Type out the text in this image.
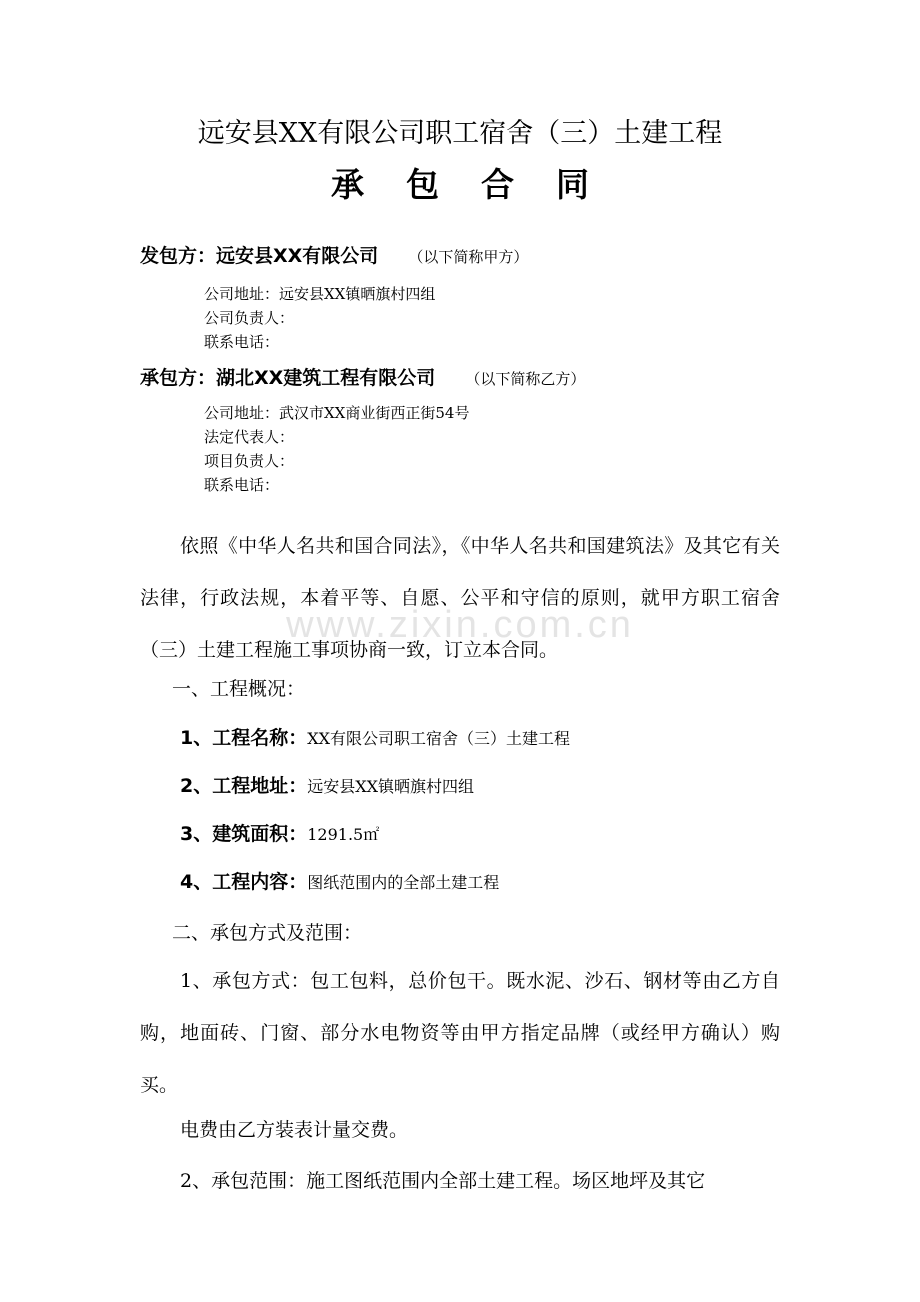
远安县XX有限公司职工宿舍（三）土建工程
承包合同
发包方：远安县XX有限公司 （以下简称甲方）
公司地址：远安县XX镇晒旗村四组
公司负责人：
联系电话：
承包方：湖北XX建筑工程有限公司 （以下简称乙方）
公司地址：武汉市XX商业街西正街54号
法定代表人：
项目负责人：
联系电话：
依照《中华人名共和国合同法》，《中华人名共和国建筑法》及其它有关法律，行政法规，本着平等、自愿、公平和守信的原则，就甲方职工宿舍（三）土建工程施工事项协商一致，订立本合同。
www.zixin.com.cn
一、工程概况：
1、工程名称：XX有限公司职工宿舍（三）土建工程
2、工程地址：远安县XX镇晒旗村四组
3、建筑面积：1291.5㎡
4、工程内容：图纸范围内的全部土建工程
二、承包方式及范围：
1、承包方式：包工包料，总价包干。既水泥、沙石、钢材等由乙方自购，地面砖、门窗、部分水电物资等由甲方指定品牌（或经甲方确认）购买。
电费由乙方装表计量交费。
2、承包范围：施工图纸范围内全部土建工程。场区地坪及其它
